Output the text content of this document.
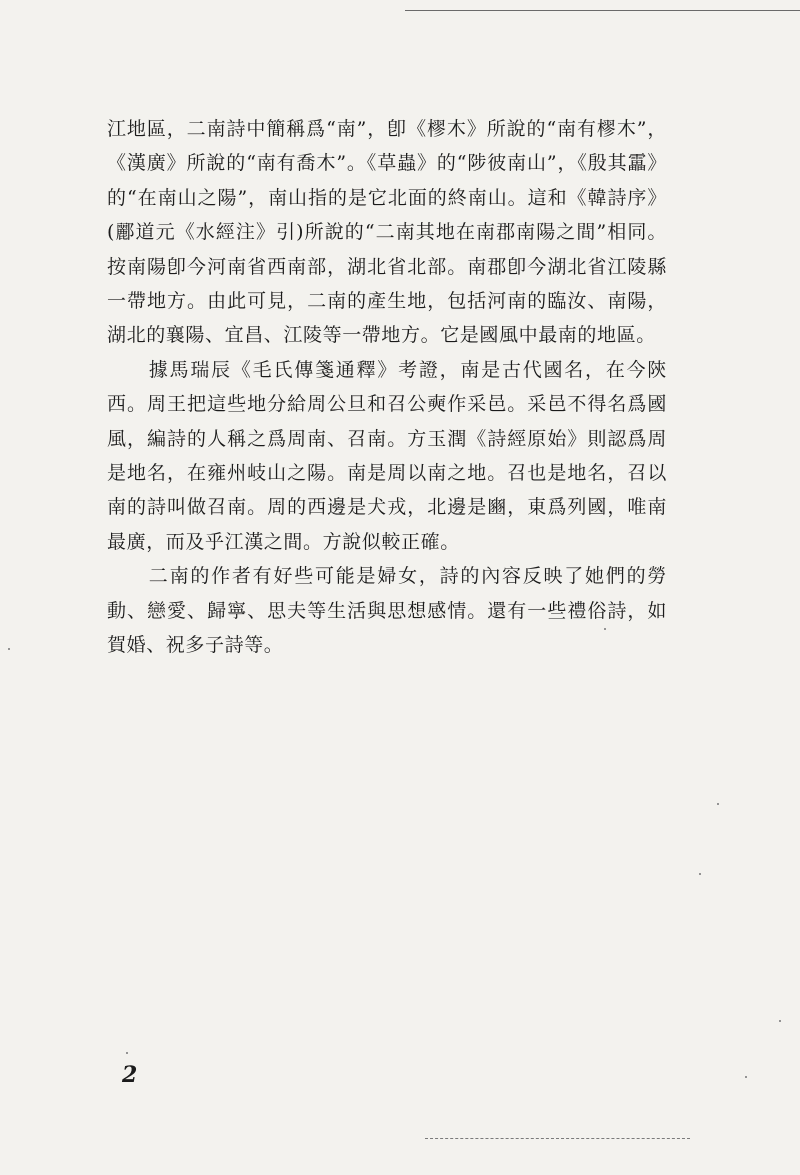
江地區，二南詩中簡稱爲“南”，卽《樛木》所說的“南有樛木”，《漢廣》所說的“南有喬木”。《草蟲》的“陟彼南山”，《殷其靁》的“在南山之陽”，南山指的是它北面的終南山。這和《韓詩序》(酈道元《水經注》引)所說的“二南其地在南郡南陽之間”相同。按南陽卽今河南省西南部，湖北省北部。南郡卽今湖北省江陵縣一帶地方。由此可見，二南的產生地，包括河南的臨汝、南陽，湖北的襄陽、宜昌、江陵等一帶地方。它是國風中最南的地區。

據馬瑞辰《毛氏傳箋通釋》考證，南是古代國名，在今陝西。周王把這些地分給周公旦和召公奭作采邑。采邑不得名爲國風，編詩的人稱之爲周南、召南。方玉潤《詩經原始》則認爲周是地名，在雍州岐山之陽。南是周以南之地。召也是地名，召以南的詩叫做召南。周的西邊是犬戎，北邊是豳，東爲列國，唯南最廣，而及乎江漢之間。方說似較正確。

二南的作者有好些可能是婦女，詩的內容反映了她們的勞動、戀愛、歸寧、思夫等生活與思想感情。還有一些禮俗詩，如賀婚、祝多子詩等。

2
